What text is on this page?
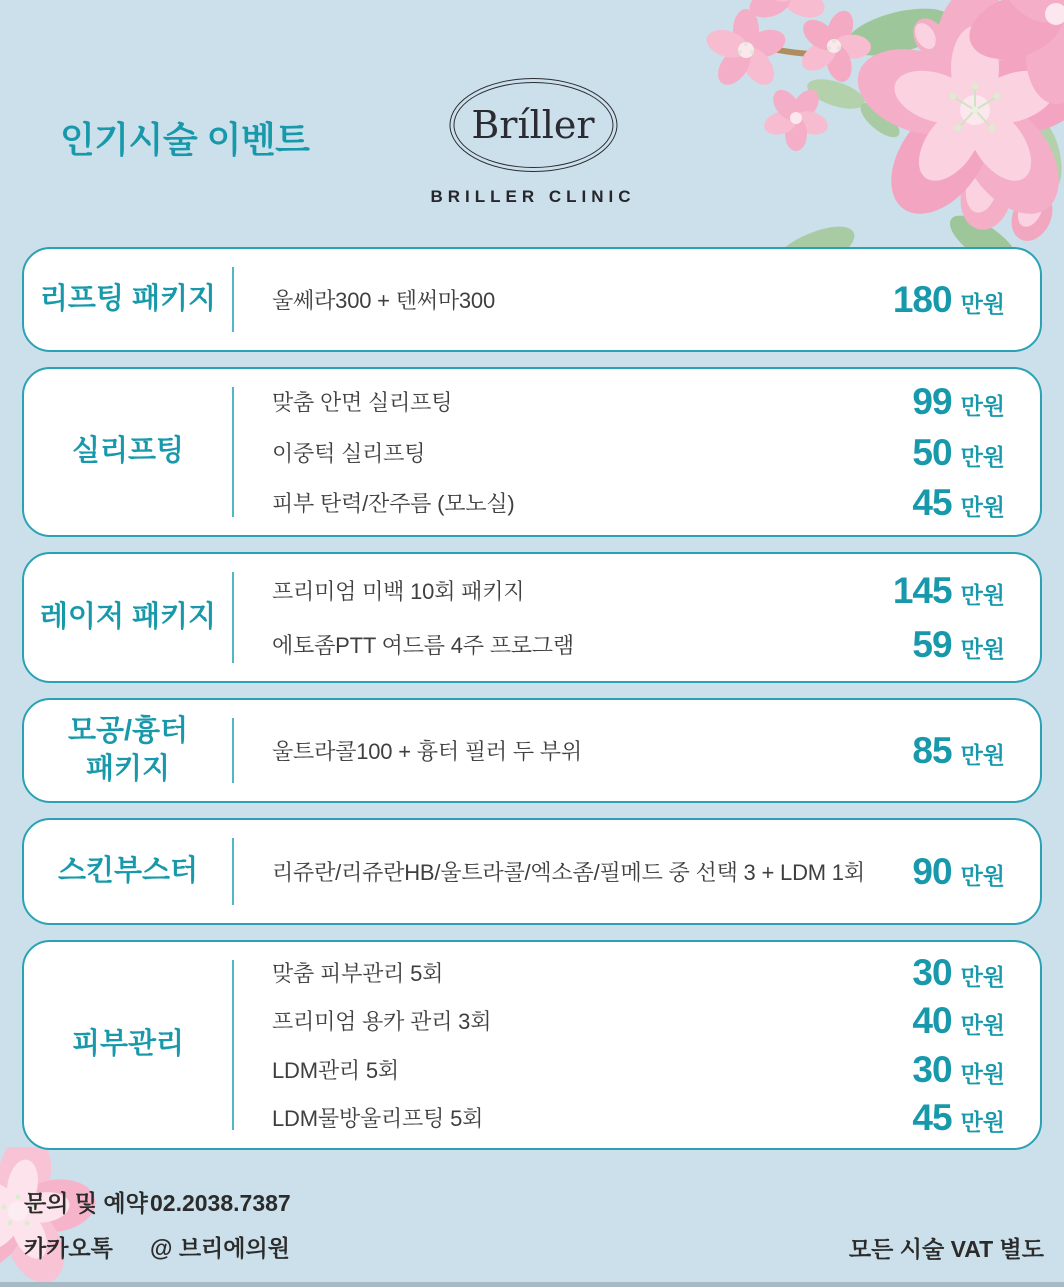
인기시술 이벤트	Bríller
BRILLER CLINIC
리프팅 패키지	울쎄라300 + 텐써마300	180 만원
실리프팅
맞춤 안면 실리프팅	99 만원
이중턱 실리프팅	50 만원
피부 탄력/잔주름 (모노실)	45 만원
레이저 패키지
프리미엄 미백 10회 패키지	145 만원
에토좀PTT 여드름 4주 프로그램	59 만원
모공/흉터 패키지
울트라콜100 + 흉터 필러 두 부위	85 만원
스킨부스터	리쥬란/리쥬란HB/울트라콜/엑소좀/필메드 중 선택 3 + LDM 1회 90 만원
피부관리
맞춤 피부관리 5회	30 만원
프리미엄 용카 관리 3회	40 만원
LDM관리 5회	30 만원
LDM물방울리프팅 5회	45 만원
문의 및 예약 02.2038.7387
카카오톡	@ 브리에의원	모든 시술 VAT 별도
